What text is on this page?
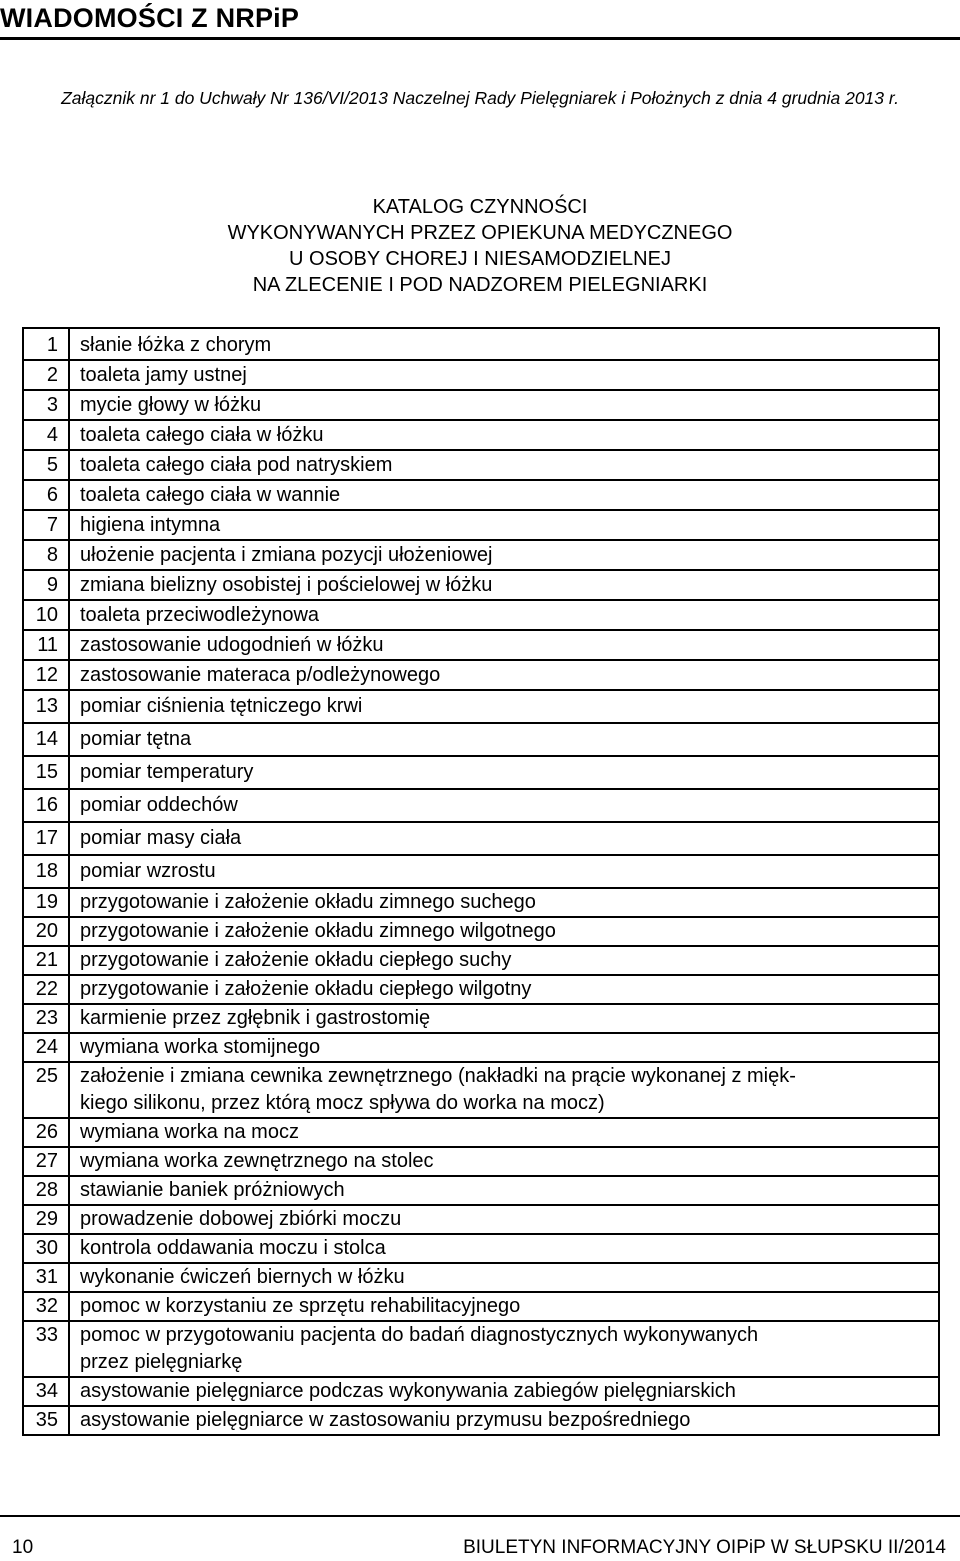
WIADOMOŚCI Z NRPiP
Załącznik nr 1 do Uchwały Nr 136/VI/2013 Naczelnej Rady Pielęgniarek i Położnych z dnia 4 grudnia 2013 r.
KATALOG CZYNNOŚCI
WYKONYWANYCH PRZEZ OPIEKUNA MEDYCZNEGO
U OSOBY CHOREJ I NIESAMODZIELNEJ
NA ZLECENIE I POD NADZOREM PIELEGNIARKI
1	słanie łóżka z chorym

2	toaleta jamy ustnej

3	mycie głowy w łóżku

4	toaleta całego ciała w łóżku

5	toaleta całego ciała pod natryskiem

6	toaleta całego ciała w wannie

7	higiena intymna

8	ułożenie pacjenta i zmiana pozycji ułożeniowej

9	zmiana bielizny osobistej i pościelowej w łóżku

10	toaleta przeciwodleżynowa

11	zastosowanie udogodnień w łóżku

12	zastosowanie materaca p/odleżynowego

13	pomiar ciśnienia tętniczego krwi

14	pomiar tętna

15	pomiar temperatury

16	pomiar oddechów

17	pomiar masy ciała

18	pomiar wzrostu

19	przygotowanie i założenie okładu zimnego suchego

20	przygotowanie i założenie okładu zimnego wilgotnego

21	przygotowanie i założenie okładu ciepłego suchy

22	przygotowanie i założenie okładu ciepłego wilgotny

23	karmienie przez zgłębnik i gastrostomię

24	wymiana worka stomijnego

25	założenie i zmiana cewnika zewnętrznego (nakładki na prącie wykonanej z mięk-
kiego silikonu, przez którą mocz spływa do worka na mocz)

26	wymiana worka na mocz

27	wymiana worka zewnętrznego na stolec

28	stawianie baniek próżniowych

29	prowadzenie dobowej zbiórki moczu

30	kontrola oddawania moczu i stolca

31	wykonanie ćwiczeń biernych w łóżku

32	pomoc w korzystaniu ze sprzętu rehabilitacyjnego

33	pomoc w przygotowaniu pacjenta do badań diagnostycznych wykonywanych
przez pielęgniarkę

34	asystowanie pielęgniarce podczas wykonywania zabiegów pielęgniarskich

35	asystowanie pielęgniarce w zastosowaniu przymusu bezpośredniego
10	BIULETYN INFORMACYJNY OIPiP W SŁUPSKU II/2014
